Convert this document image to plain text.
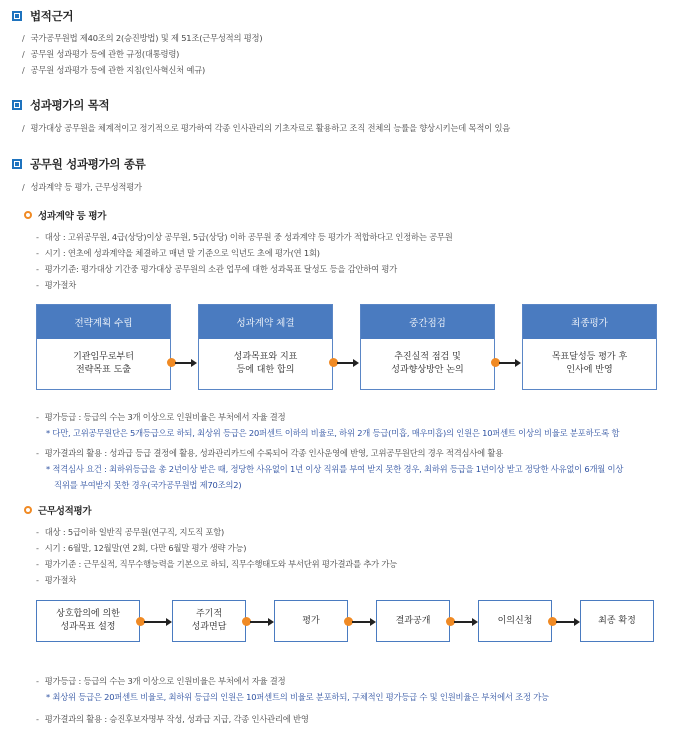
법적근거
∕ 국가공무원법 제40조의 2(승진방법) 및 제 51조(근무성적의 평정)
∕ 공무원 성과평가 등에 관한 규정(대통령령)
∕ 공무원 성과평가 등에 관한 지침(인사혁신처 예규)
성과평가의 목적
∕ 평가대상 공무원을 체계적이고 정기적으로 평가하여 각종 인사관리의 기초자료로 활용하고 조직 전체의 능률을 향상시키는데 목적이 있음
공무원 성과평가의 종류
∕ 성과계약 등 평가, 근무성적평가
성과계약 등 평가
- 대상 : 고위공무원, 4급(상당)이상 공무원, 5급(상당) 이하 공무원 중 성과계약 등 평가가 적합하다고 인정하는 공무원
- 시기 : 연초에 성과계약을 체결하고 매년 말 기준으로 익년도 초에 평가(연 1회)
- 평가기준: 평가대상 기간중 평가대상 공무원의 소관 업무에 대한 성과목표 달성도 등을 감안하여 평가
- 평가절차
전략계획 수립
기관임무로부터
전략목표 도출
성과계약 체결
성과목표와 지표
등에 대한 합의
중간점검
추진실적 점검 및
성과향상방안 논의
최종평가
목표달성등 평가 후
인사에 반영
- 평가등급 : 등급의 수는 3개 이상으로 인원비율은 부처에서 자율 결정
* 다만, 고위공무원단은 5개등급으로 하되, 최상위 등급은 20퍼센트 이하의 비율로, 하위 2개 등급(미흡, 매우미흡)의 인원은 10퍼센트 이상의 비율로 분포하도록 함
- 평가결과의 활용 : 성과급 등급 결정에 활용, 성과관리카드에 수록되어 각종 인사운영에 반영, 고위공무원단의 경우 적격심사에 활용
* 적격심사 요건 : 최하위등급을 총 2년이상 받은 때, 정당한 사유없이 1년 이상 직위를 부여 받지 못한 경우, 최하위 등급을 1년이상 받고 정당한 사유없이 6개월 이상
직위를 부여받지 못한 경우(국가공무원법 제70조의2)
근무성적평가
- 대상 : 5급이하 일반직 공무원(연구직, 지도직 포함)
- 시기 : 6월말, 12월말(연 2회, 다만 6월말 평가 생략 가능)
- 평가기준 : 근무실적, 직무수행능력을 기본으로 하되, 직무수행태도와 부서단위 평가결과를 추가 가능
- 평가절차
상호합의에 의한
성과목표 설정
주기적
성과면담
평가	결과공개	이의신청	최종 확정
- 평가등급 : 등급의 수는 3개 이상으로 인원비율은 부처에서 자율 결정
* 최상위 등급은 20퍼센트 비율로, 최하위 등급의 인원은 10퍼센트의 비율로 분포하되, 구체적인 평가등급 수 및 인원비율은 부처에서 조정 가능
- 평가결과의 활용 : 승진후보자명부 작성, 성과급 지급, 각종 인사관리에 반영
